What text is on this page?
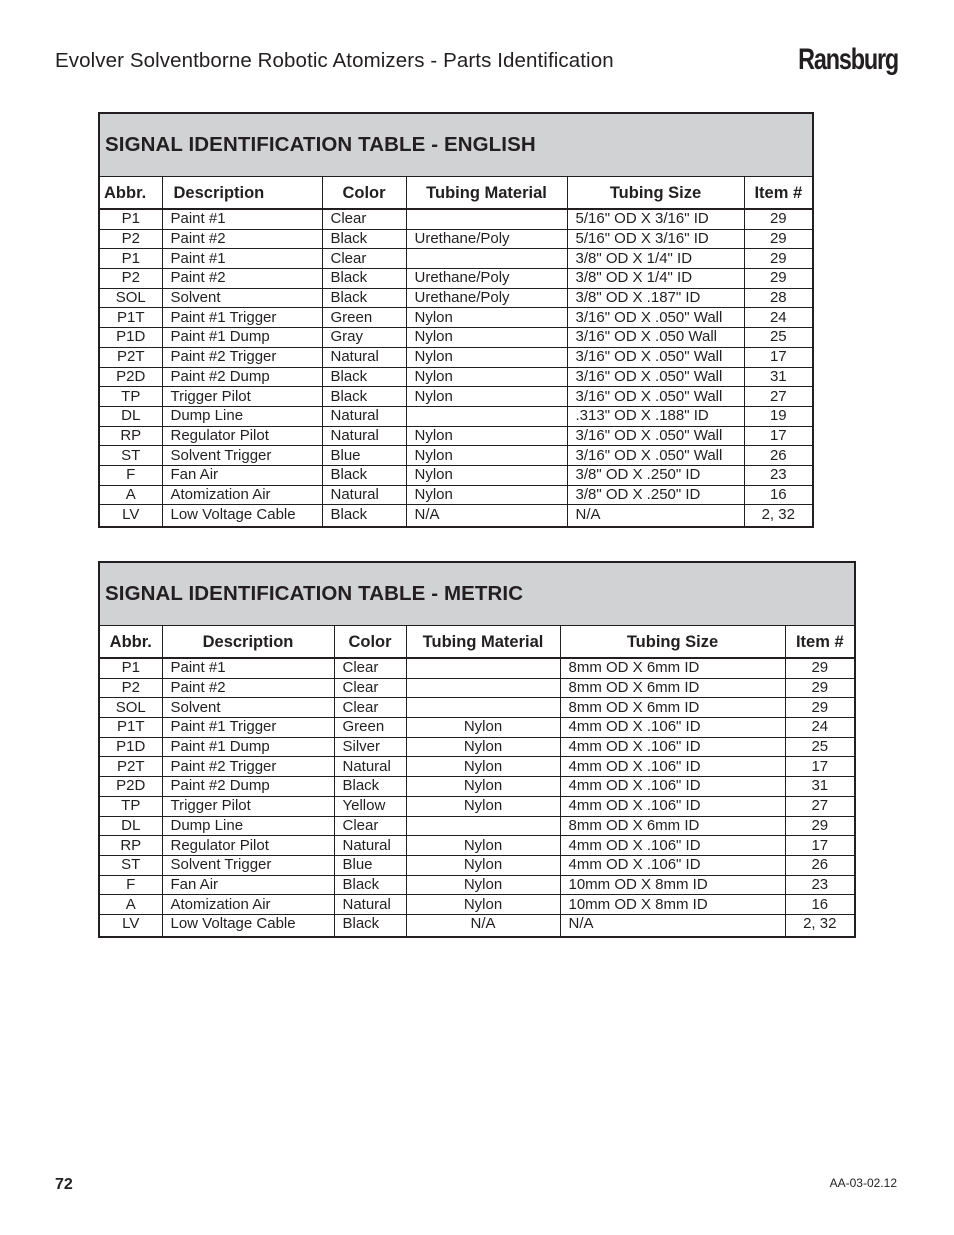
Evolver Solventborne Robotic Atomizers - Parts Identification	Ransburg
SIGNAL IDENTIFICATION TABLE - ENGLISH					
Abbr.	Description	Color	Tubing Material	Tubing Size	Item #
P1	Paint #1	Clear		5/16" OD X 3/16" ID	29
P2	Paint #2	Black	Urethane/Poly	5/16" OD X 3/16" ID	29
P1	Paint #1	Clear		3/8" OD X 1/4" ID	29
P2	Paint #2	Black	Urethane/Poly	3/8" OD X 1/4" ID	29
SOL	Solvent	Black	Urethane/Poly	3/8" OD X .187" ID	28
P1T	Paint #1 Trigger	Green	Nylon	3/16" OD X .050" Wall	24
P1D	Paint #1 Dump	Gray	Nylon	3/16" OD X .050 Wall	25
P2T	Paint #2 Trigger	Natural	Nylon	3/16" OD X .050" Wall	17
P2D	Paint #2 Dump	Black	Nylon	3/16" OD X .050" Wall	31
TP	Trigger Pilot	Black	Nylon	3/16" OD X .050" Wall	27
DL	Dump Line	Natural		.313" OD X .188" ID	19
RP	Regulator Pilot	Natural	Nylon	3/16" OD X .050" Wall	17
ST	Solvent Trigger	Blue	Nylon	3/16" OD X .050" Wall	26
F	Fan Air	Black	Nylon	3/8" OD X .250" ID	23
A	Atomization Air	Natural	Nylon	3/8" OD X .250" ID	16
LV	Low Voltage Cable	Black	N/A	N/A	2, 32
SIGNAL IDENTIFICATION TABLE - METRIC					
Abbr.	Description	Color	Tubing Material	Tubing Size	Item #
P1	Paint #1	Clear		8mm OD X 6mm ID	29
P2	Paint #2	Clear		8mm OD X 6mm ID	29
SOL	Solvent	Clear		8mm OD X 6mm ID	29
P1T	Paint #1 Trigger	Green	Nylon	4mm OD X .106" ID	24
P1D	Paint #1 Dump	Silver	Nylon	4mm OD X .106" ID	25
P2T	Paint #2 Trigger	Natural	Nylon	4mm OD X .106" ID	17
P2D	Paint #2 Dump	Black	Nylon	4mm OD X .106" ID	31
TP	Trigger Pilot	Yellow	Nylon	4mm OD X .106" ID	27
DL	Dump Line	Clear		8mm OD X 6mm ID	29
RP	Regulator Pilot	Natural	Nylon	4mm OD X .106" ID	17
ST	Solvent Trigger	Blue	Nylon	4mm OD X .106" ID	26
F	Fan Air	Black	Nylon	10mm OD X 8mm ID	23
A	Atomization Air	Natural	Nylon	10mm OD X 8mm ID	16
LV	Low Voltage Cable	Black	N/A	N/A	2, 32
72	AA-03-02.12
